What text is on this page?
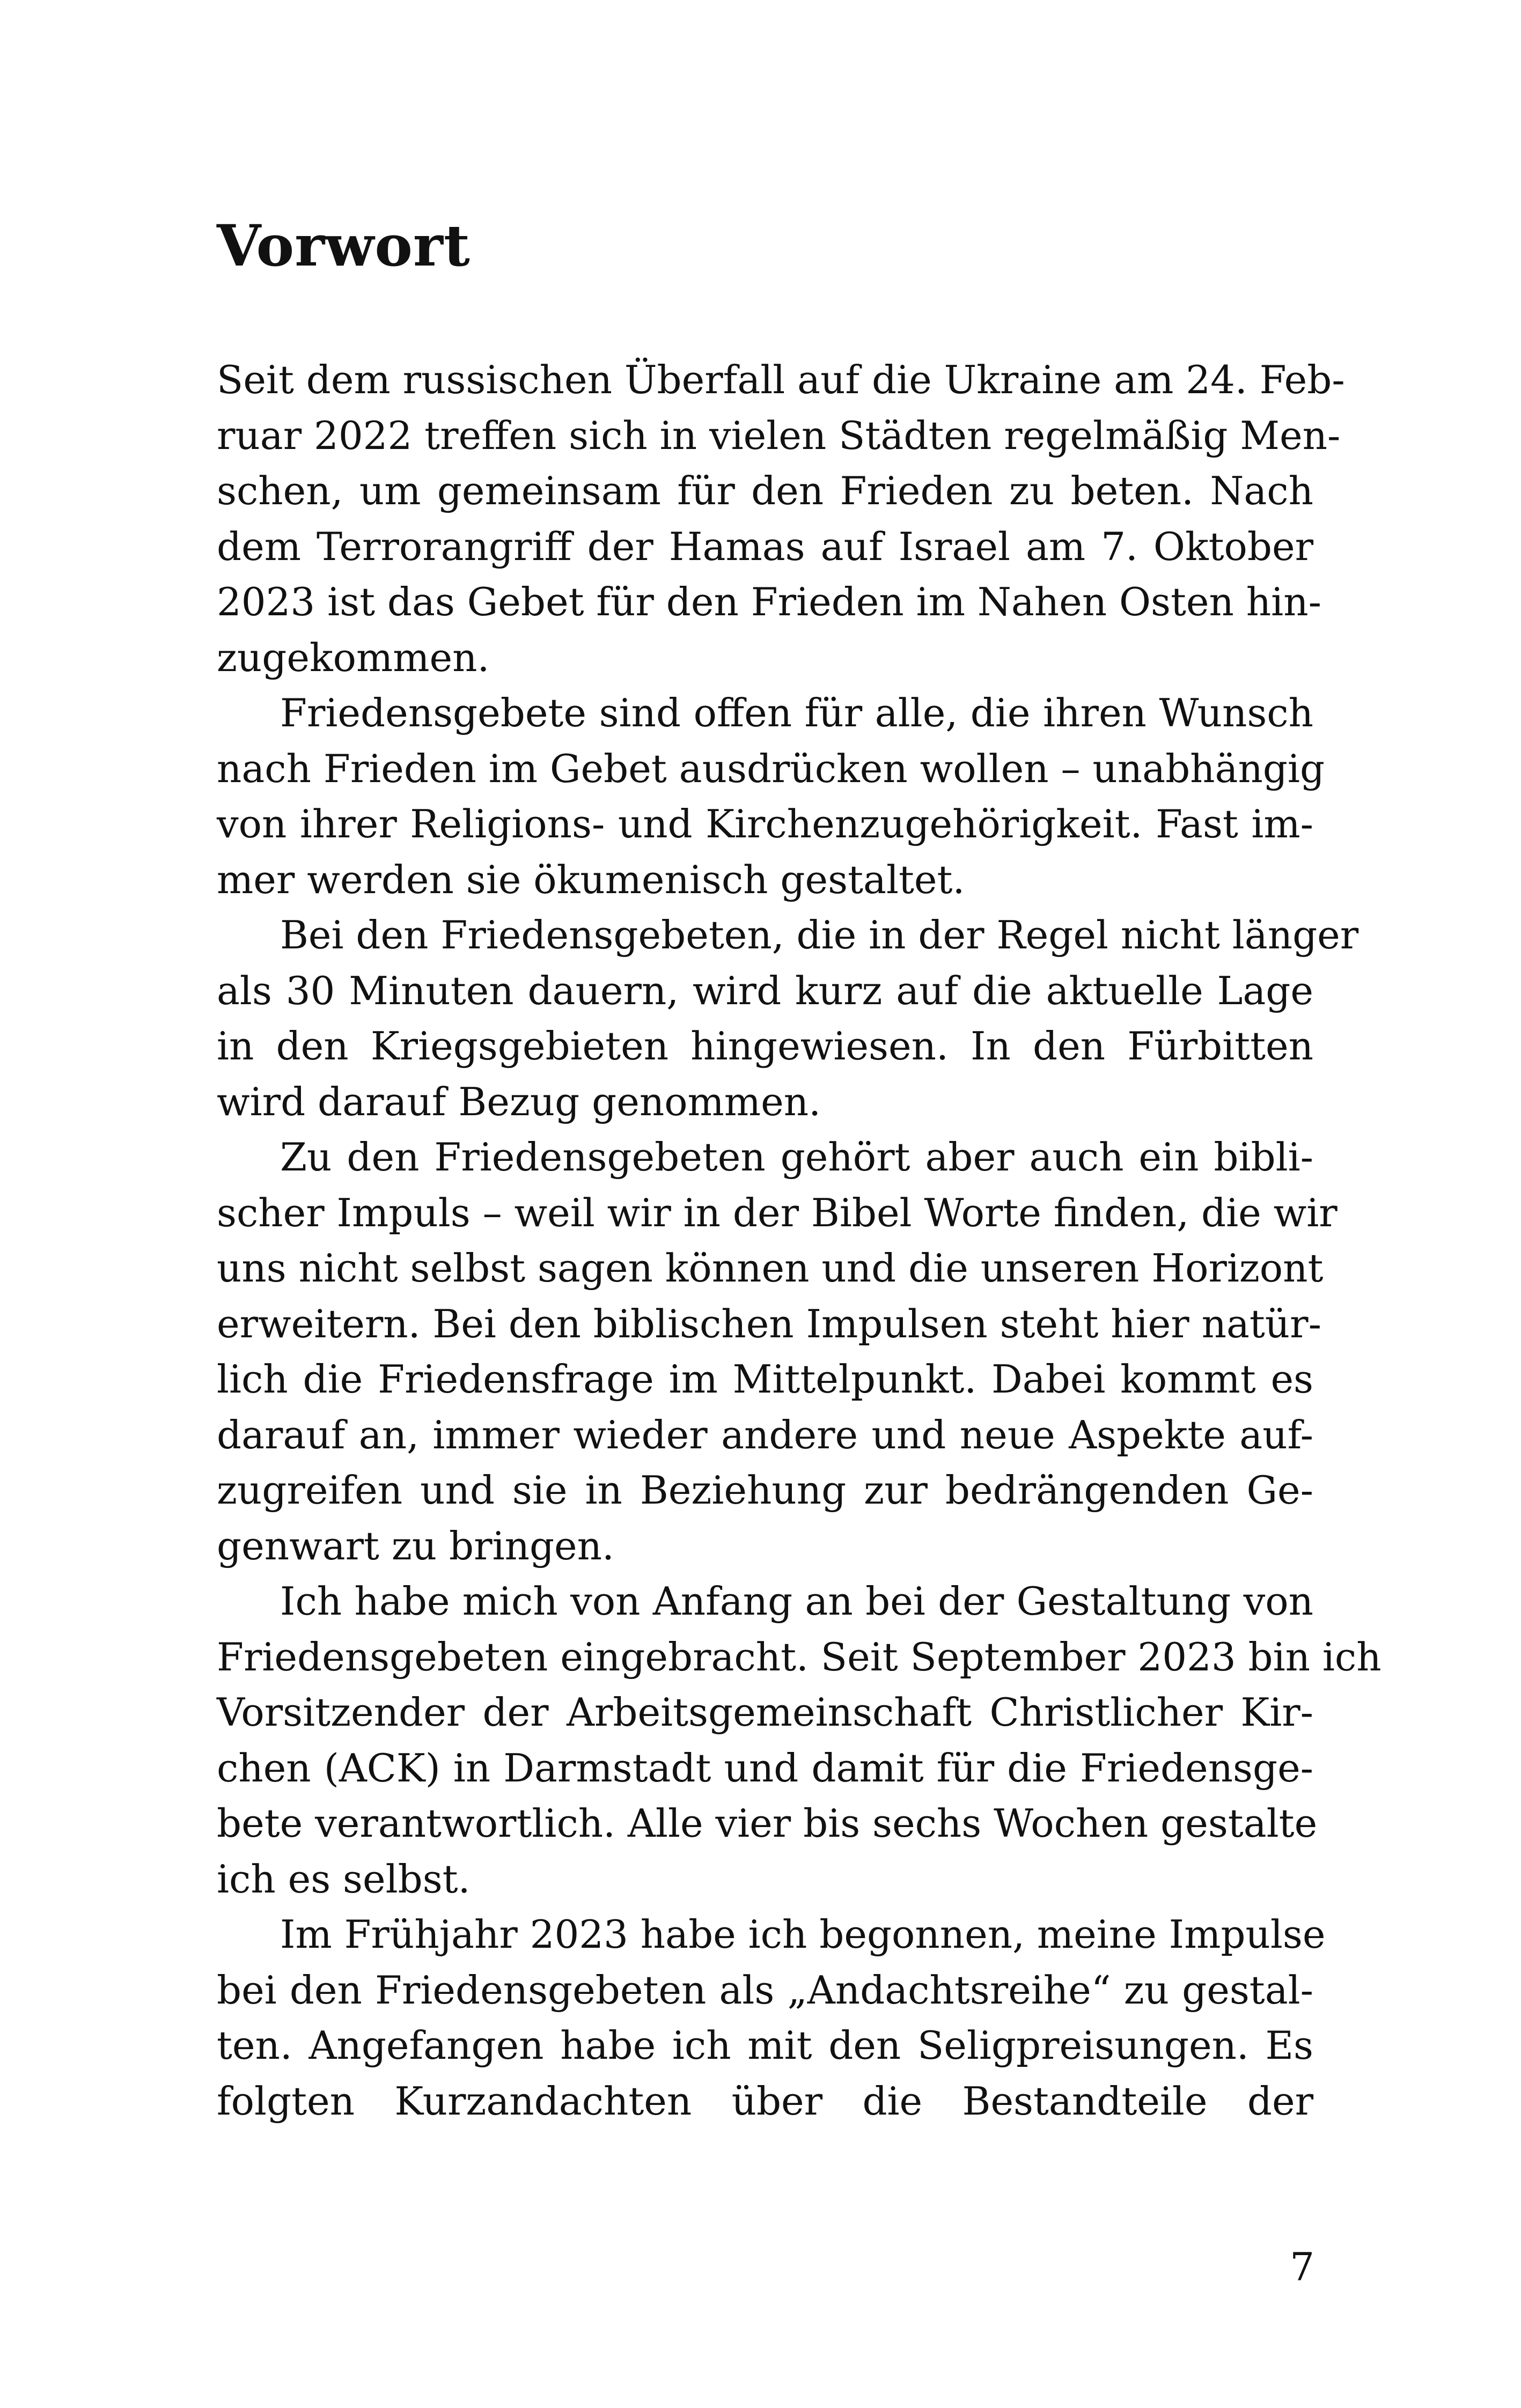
Vorwort
Seit dem russischen Überfall auf die Ukraine am 24. Feb-
ruar 2022 treffen sich in vielen Städten regelmäßig Men-
schen, um gemeinsam für den Frieden zu beten. Nach
dem Terrorangriff der Hamas auf Israel am 7. Oktober
2023 ist das Gebet für den Frieden im Nahen Osten hin-
zugekommen.
Friedensgebete sind offen für alle, die ihren Wunsch
nach Frieden im Gebet ausdrücken wollen – unabhängig
von ihrer Religions- und Kirchenzugehörigkeit. Fast im-
mer werden sie ökumenisch gestaltet.
Bei den Friedensgebeten, die in der Regel nicht länger
als 30 Minuten dauern, wird kurz auf die aktuelle Lage
in den Kriegsgebieten hingewiesen. In den Fürbitten
wird darauf Bezug genommen.
Zu den Friedensgebeten gehört aber auch ein bibli-
scher Impuls – weil wir in der Bibel Worte finden, die wir
uns nicht selbst sagen können und die unseren Horizont
erweitern. Bei den biblischen Impulsen steht hier natür-
lich die Friedensfrage im Mittelpunkt. Dabei kommt es
darauf an, immer wieder andere und neue Aspekte auf-
zugreifen und sie in Beziehung zur bedrängenden Ge-
genwart zu bringen.
Ich habe mich von Anfang an bei der Gestaltung von
Friedensgebeten eingebracht. Seit September 2023 bin ich
Vorsitzender der Arbeitsgemeinschaft Christlicher Kir-
chen (ACK) in Darmstadt und damit für die Friedensge-
bete verantwortlich. Alle vier bis sechs Wochen gestalte
ich es selbst.
Im Frühjahr 2023 habe ich begonnen, meine Impulse
bei den Friedensgebeten als „Andachtsreihe“ zu gestal-
ten. Angefangen habe ich mit den Seligpreisungen. Es
folgten Kurzandachten über die Bestandteile der
7
